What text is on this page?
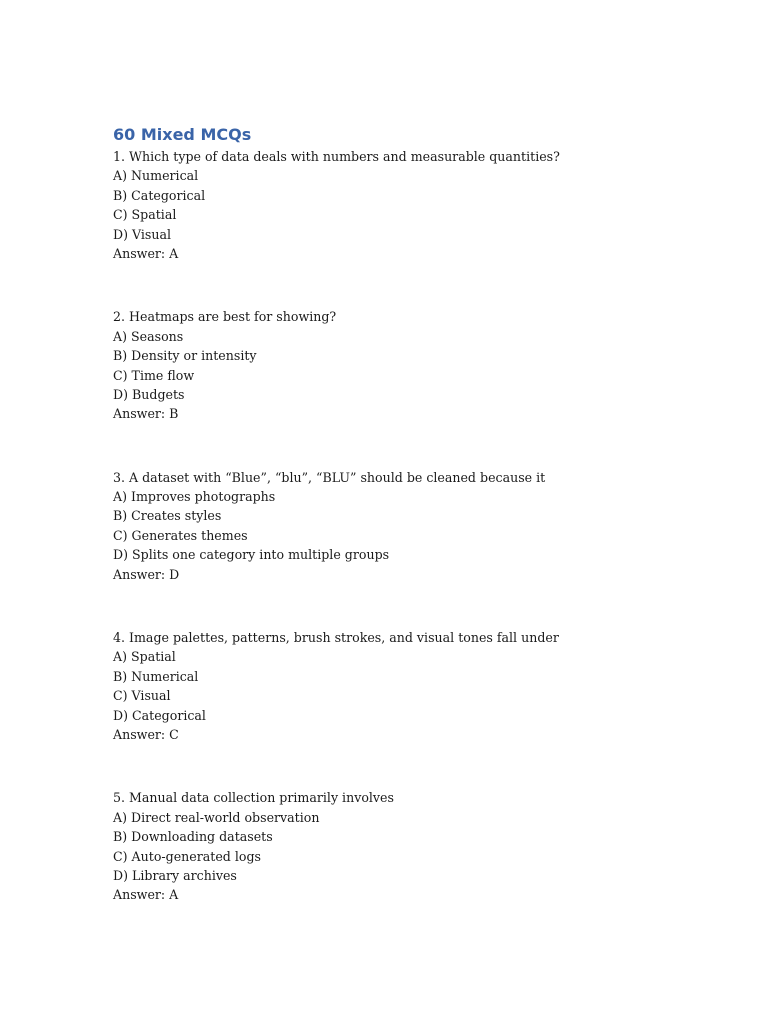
60 Mixed MCQs
1. Which type of data deals with numbers and measurable quantities?
A) Numerical
B) Categorical
C) Spatial
D) Visual
Answer: A
2. Heatmaps are best for showing?
A) Seasons
B) Density or intensity
C) Time flow
D) Budgets
Answer: B
3. A dataset with “Blue”, “blu”, “BLU” should be cleaned because it
A) Improves photographs
B) Creates styles
C) Generates themes
D) Splits one category into multiple groups
Answer: D
4. Image palettes, patterns, brush strokes, and visual tones fall under
A) Spatial
B) Numerical
C) Visual
D) Categorical
Answer: C
5. Manual data collection primarily involves
A) Direct real-world observation
B) Downloading datasets
C) Auto-generated logs
D) Library archives
Answer: A
